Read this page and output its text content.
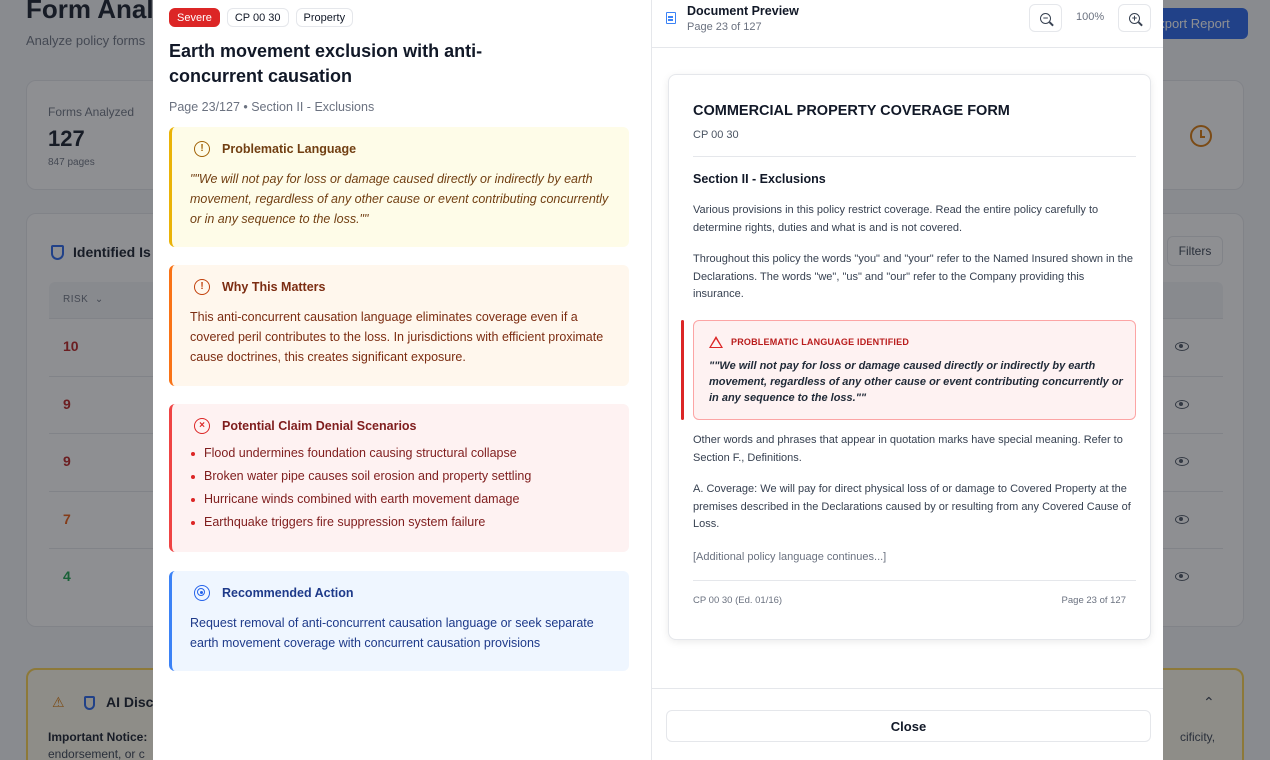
Severe	CP 00 30	Property
Earth movement exclusion with anti-concurrent causation
Page 23/127 • Section II - Exclusions
!	Problematic Language
""We will not pay for loss or damage caused directly or indirectly by earth movement, regardless of any other cause or event contributing concurrently or in any sequence to the loss.""
!	Why This Matters
This anti-concurrent causation language eliminates coverage even if a covered peril contributes to the loss. In jurisdictions with efficient proximate cause doctrines, this creates significant exposure.
×	Potential Claim Denial Scenarios
Flood undermines foundation causing structural collapse
Broken water pipe causes soil erosion and property settling
Hurricane winds combined with earth movement damage
Earthquake triggers fire suppression system failure
Recommended Action
Request removal of anti-concurrent causation language or seek separate earth movement coverage with concurrent causation provisions
Document Preview
Page 23 of 127
−	100%	+
COMMERCIAL PROPERTY COVERAGE FORM
CP 00 30
Section II - Exclusions
Various provisions in this policy restrict coverage. Read the entire policy carefully to determine rights, duties and what is and is not covered.
Throughout this policy the words "you" and "your" refer to the Named Insured shown in the Declarations. The words "we", "us" and "our" refer to the Company providing this insurance.
PROBLEMATIC LANGUAGE IDENTIFIED
""We will not pay for loss or damage caused directly or indirectly by earth movement, regardless of any other cause or event contributing concurrently or in any sequence to the loss.""
Other words and phrases that appear in quotation marks have special meaning. Refer to Section F., Definitions.
A. Coverage: We will pay for direct physical loss of or damage to Covered Property at the premises described in the Declarations caused by or resulting from any Covered Cause of Loss.
[Additional policy language continues...]
CP 00 30 (Ed. 01/16)	Page 23 of 127
Close
